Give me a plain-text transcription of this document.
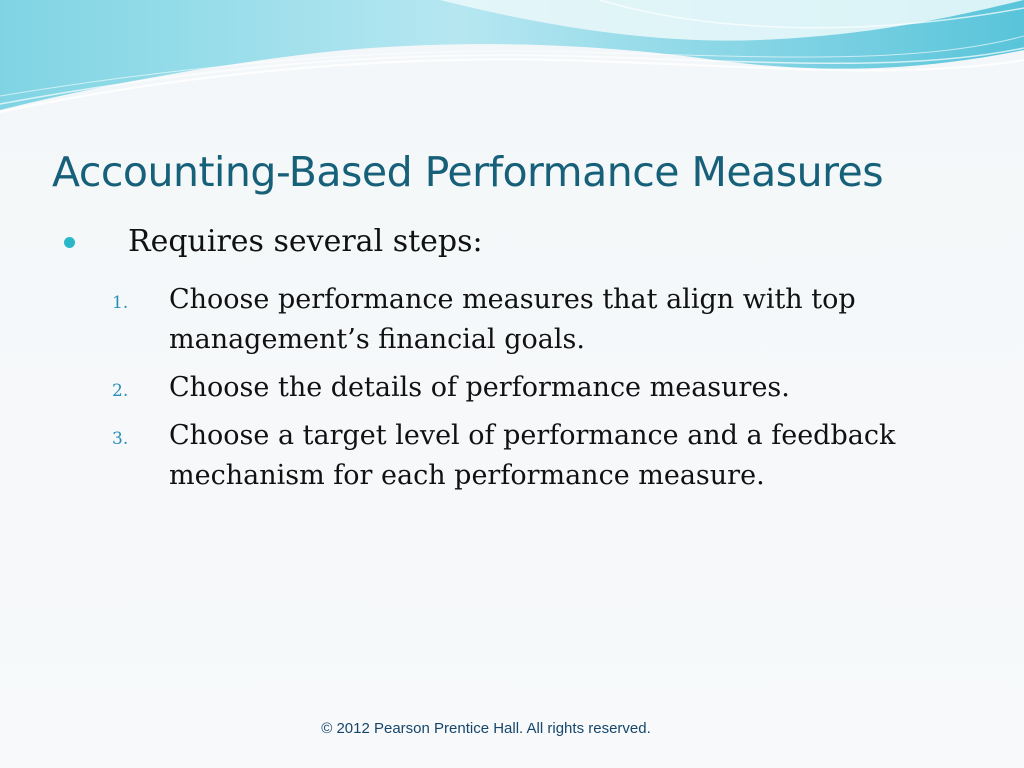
Accounting-Based Performance Measures
Requires several steps:
1. Choose performance measures that align with top management’s financial goals.
2. Choose the details of performance measures.
3. Choose a target level of performance and a feedback mechanism for each performance measure.
© 2012 Pearson Prentice Hall. All rights reserved.
